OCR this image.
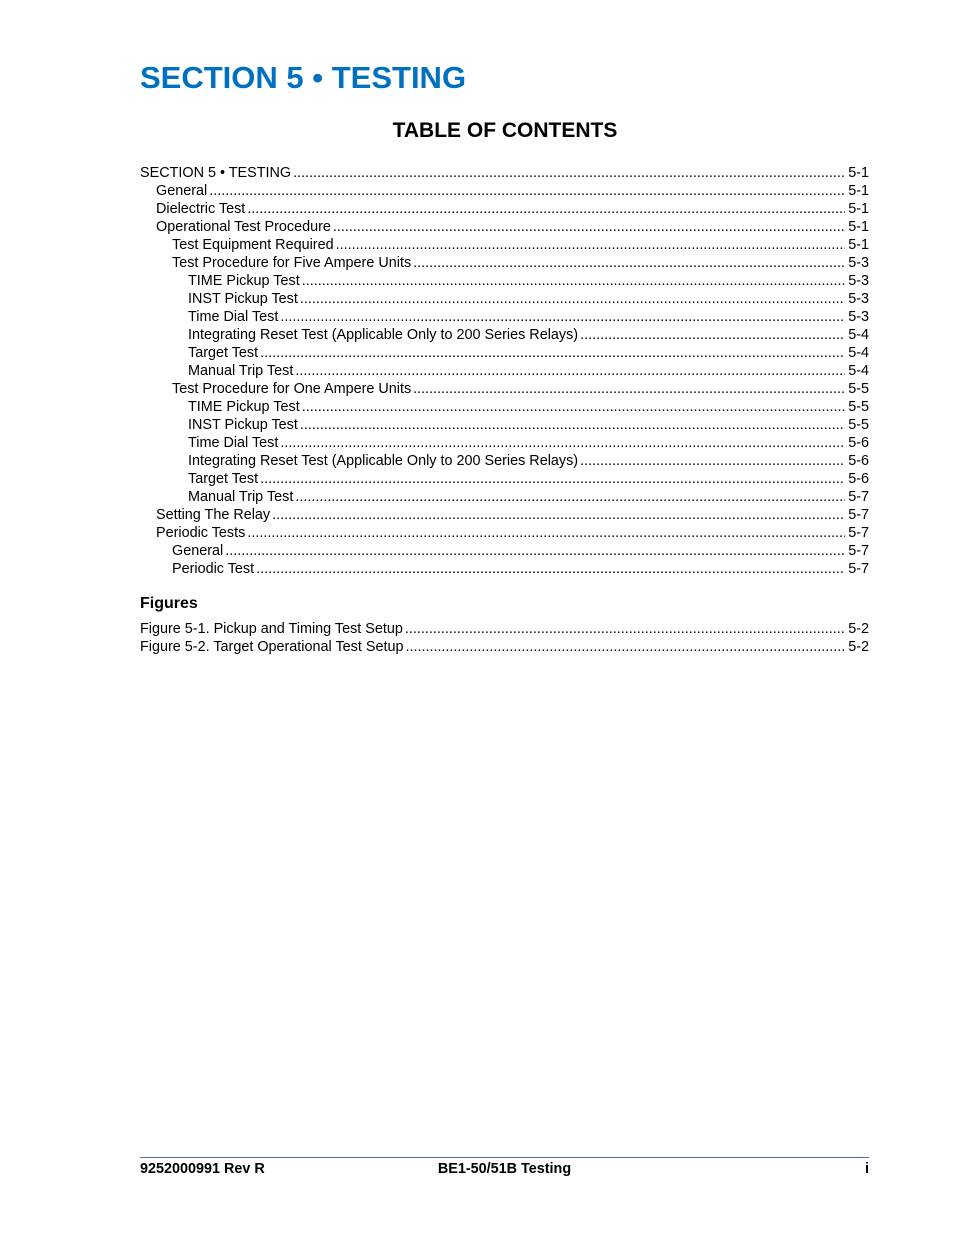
SECTION 5 • TESTING
TABLE OF CONTENTS
SECTION 5 • TESTING .....	5-1
General .....	5-1
Dielectric Test .....	5-1
Operational Test Procedure .....	5-1
Test Equipment Required .....	5-1
Test Procedure for Five Ampere Units .....	5-3
TIME Pickup Test .....	5-3
INST Pickup Test .....	5-3
Time Dial Test .....	5-3
Integrating Reset Test (Applicable Only to 200 Series Relays) .....	5-4
Target Test .....	5-4
Manual Trip Test .....	5-4
Test Procedure for One Ampere Units .....	5-5
TIME Pickup Test .....	5-5
INST Pickup Test .....	5-5
Time Dial Test .....	5-6
Integrating Reset Test (Applicable Only to 200 Series Relays) .....	5-6
Target Test .....	5-6
Manual Trip Test .....	5-7
Setting The Relay .....	5-7
Periodic Tests .....	5-7
General .....	5-7
Periodic Test .....	5-7
Figures
Figure 5-1. Pickup and Timing Test Setup .....	5-2
Figure 5-2. Target Operational Test Setup .....	5-2
9252000991 Rev R	BE1-50/51B Testing	i
